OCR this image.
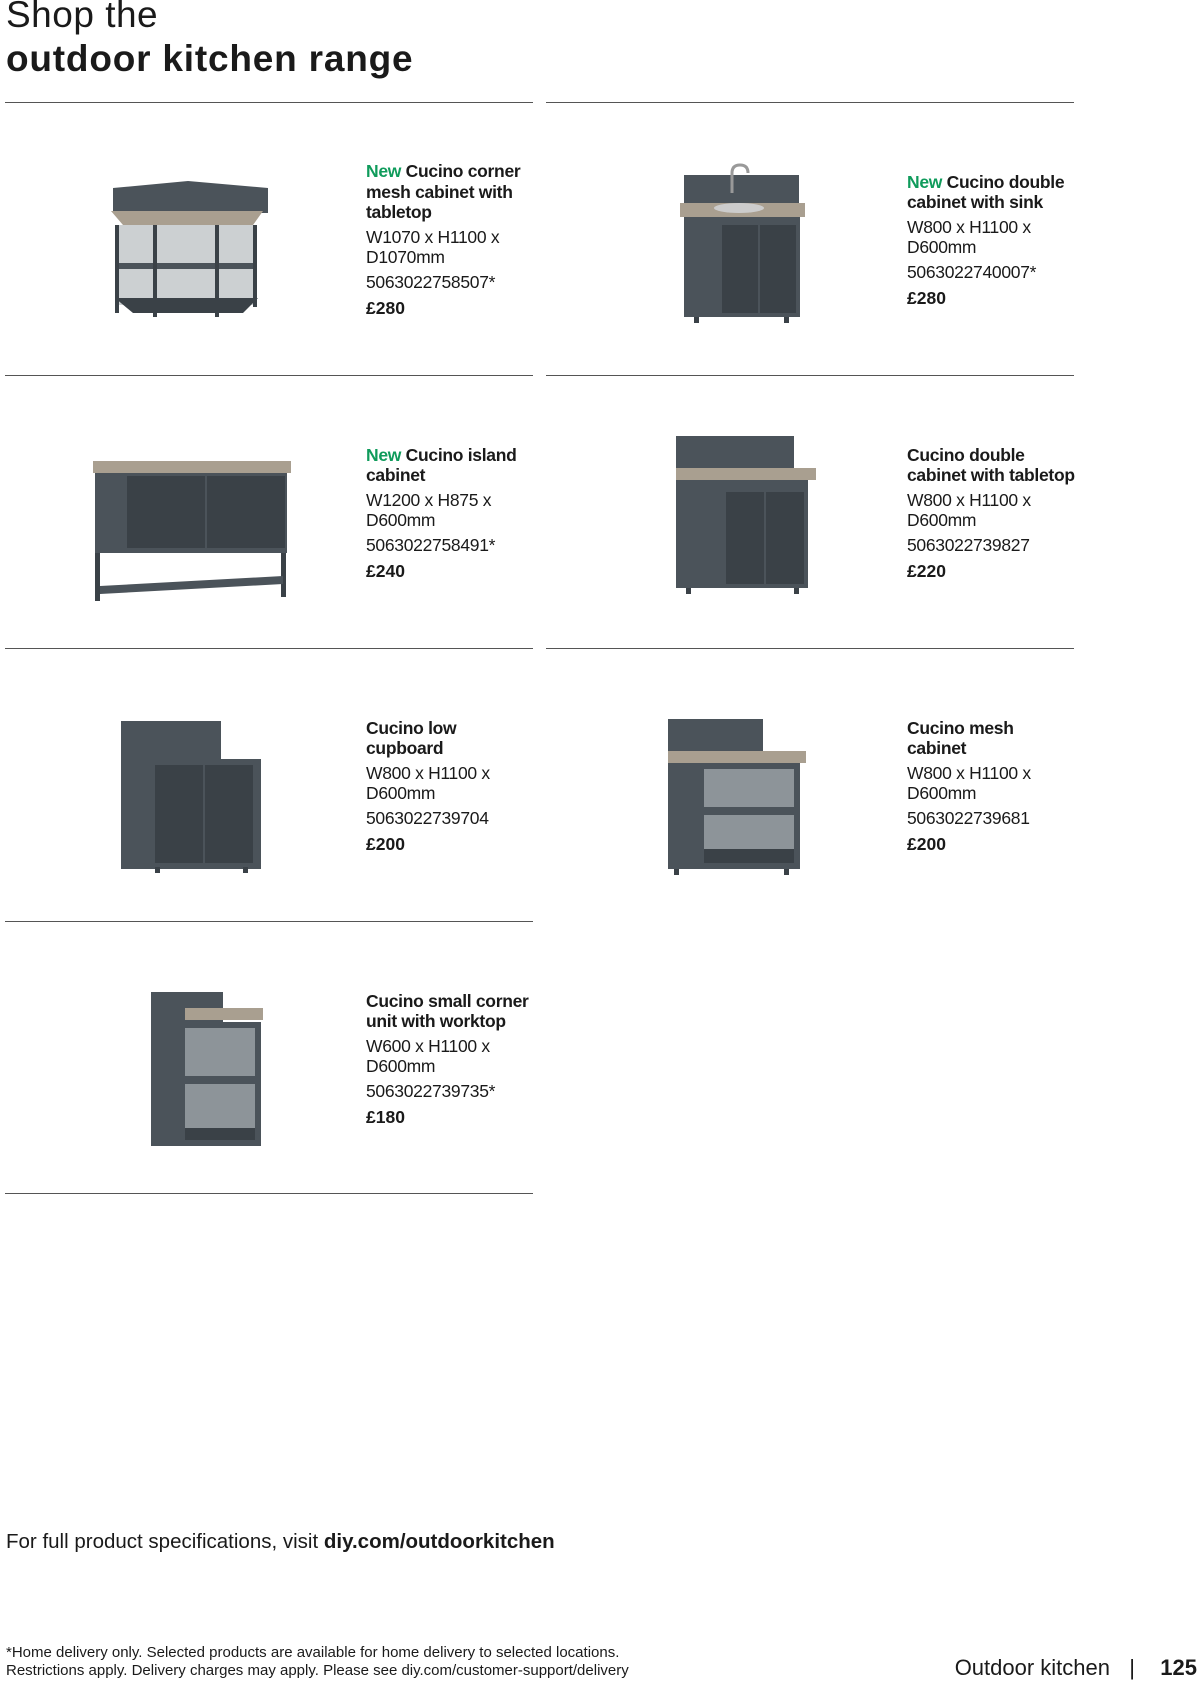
Shop the
outdoor kitchen range
New Cucino corner mesh cabinet with tabletop
W1070 x H1100 x
D1070mm
5063022758507*
£280
New Cucino double cabinet with sink
W800 x H1100 x
D600mm
5063022740007*
£280
New Cucino island cabinet
W1200 x H875 x
D600mm
5063022758491*
£240
Cucino double cabinet with tabletop
W800 x H1100 x
D600mm
5063022739827
£220
Cucino low cupboard
W800 x H1100 x
D600mm
5063022739704
£200
Cucino mesh cabinet
W800 x H1100 x
D600mm
5063022739681
£200
Cucino small corner unit with worktop
W600 x H1100 x
D600mm
5063022739735*
£180
For full product specifications, visit diy.com/outdoorkitchen
*Home delivery only. Selected products are available for home delivery to selected locations.
Restrictions apply. Delivery charges may apply. Please see diy.com/customer-support/delivery	Outdoor kitchen | 125
